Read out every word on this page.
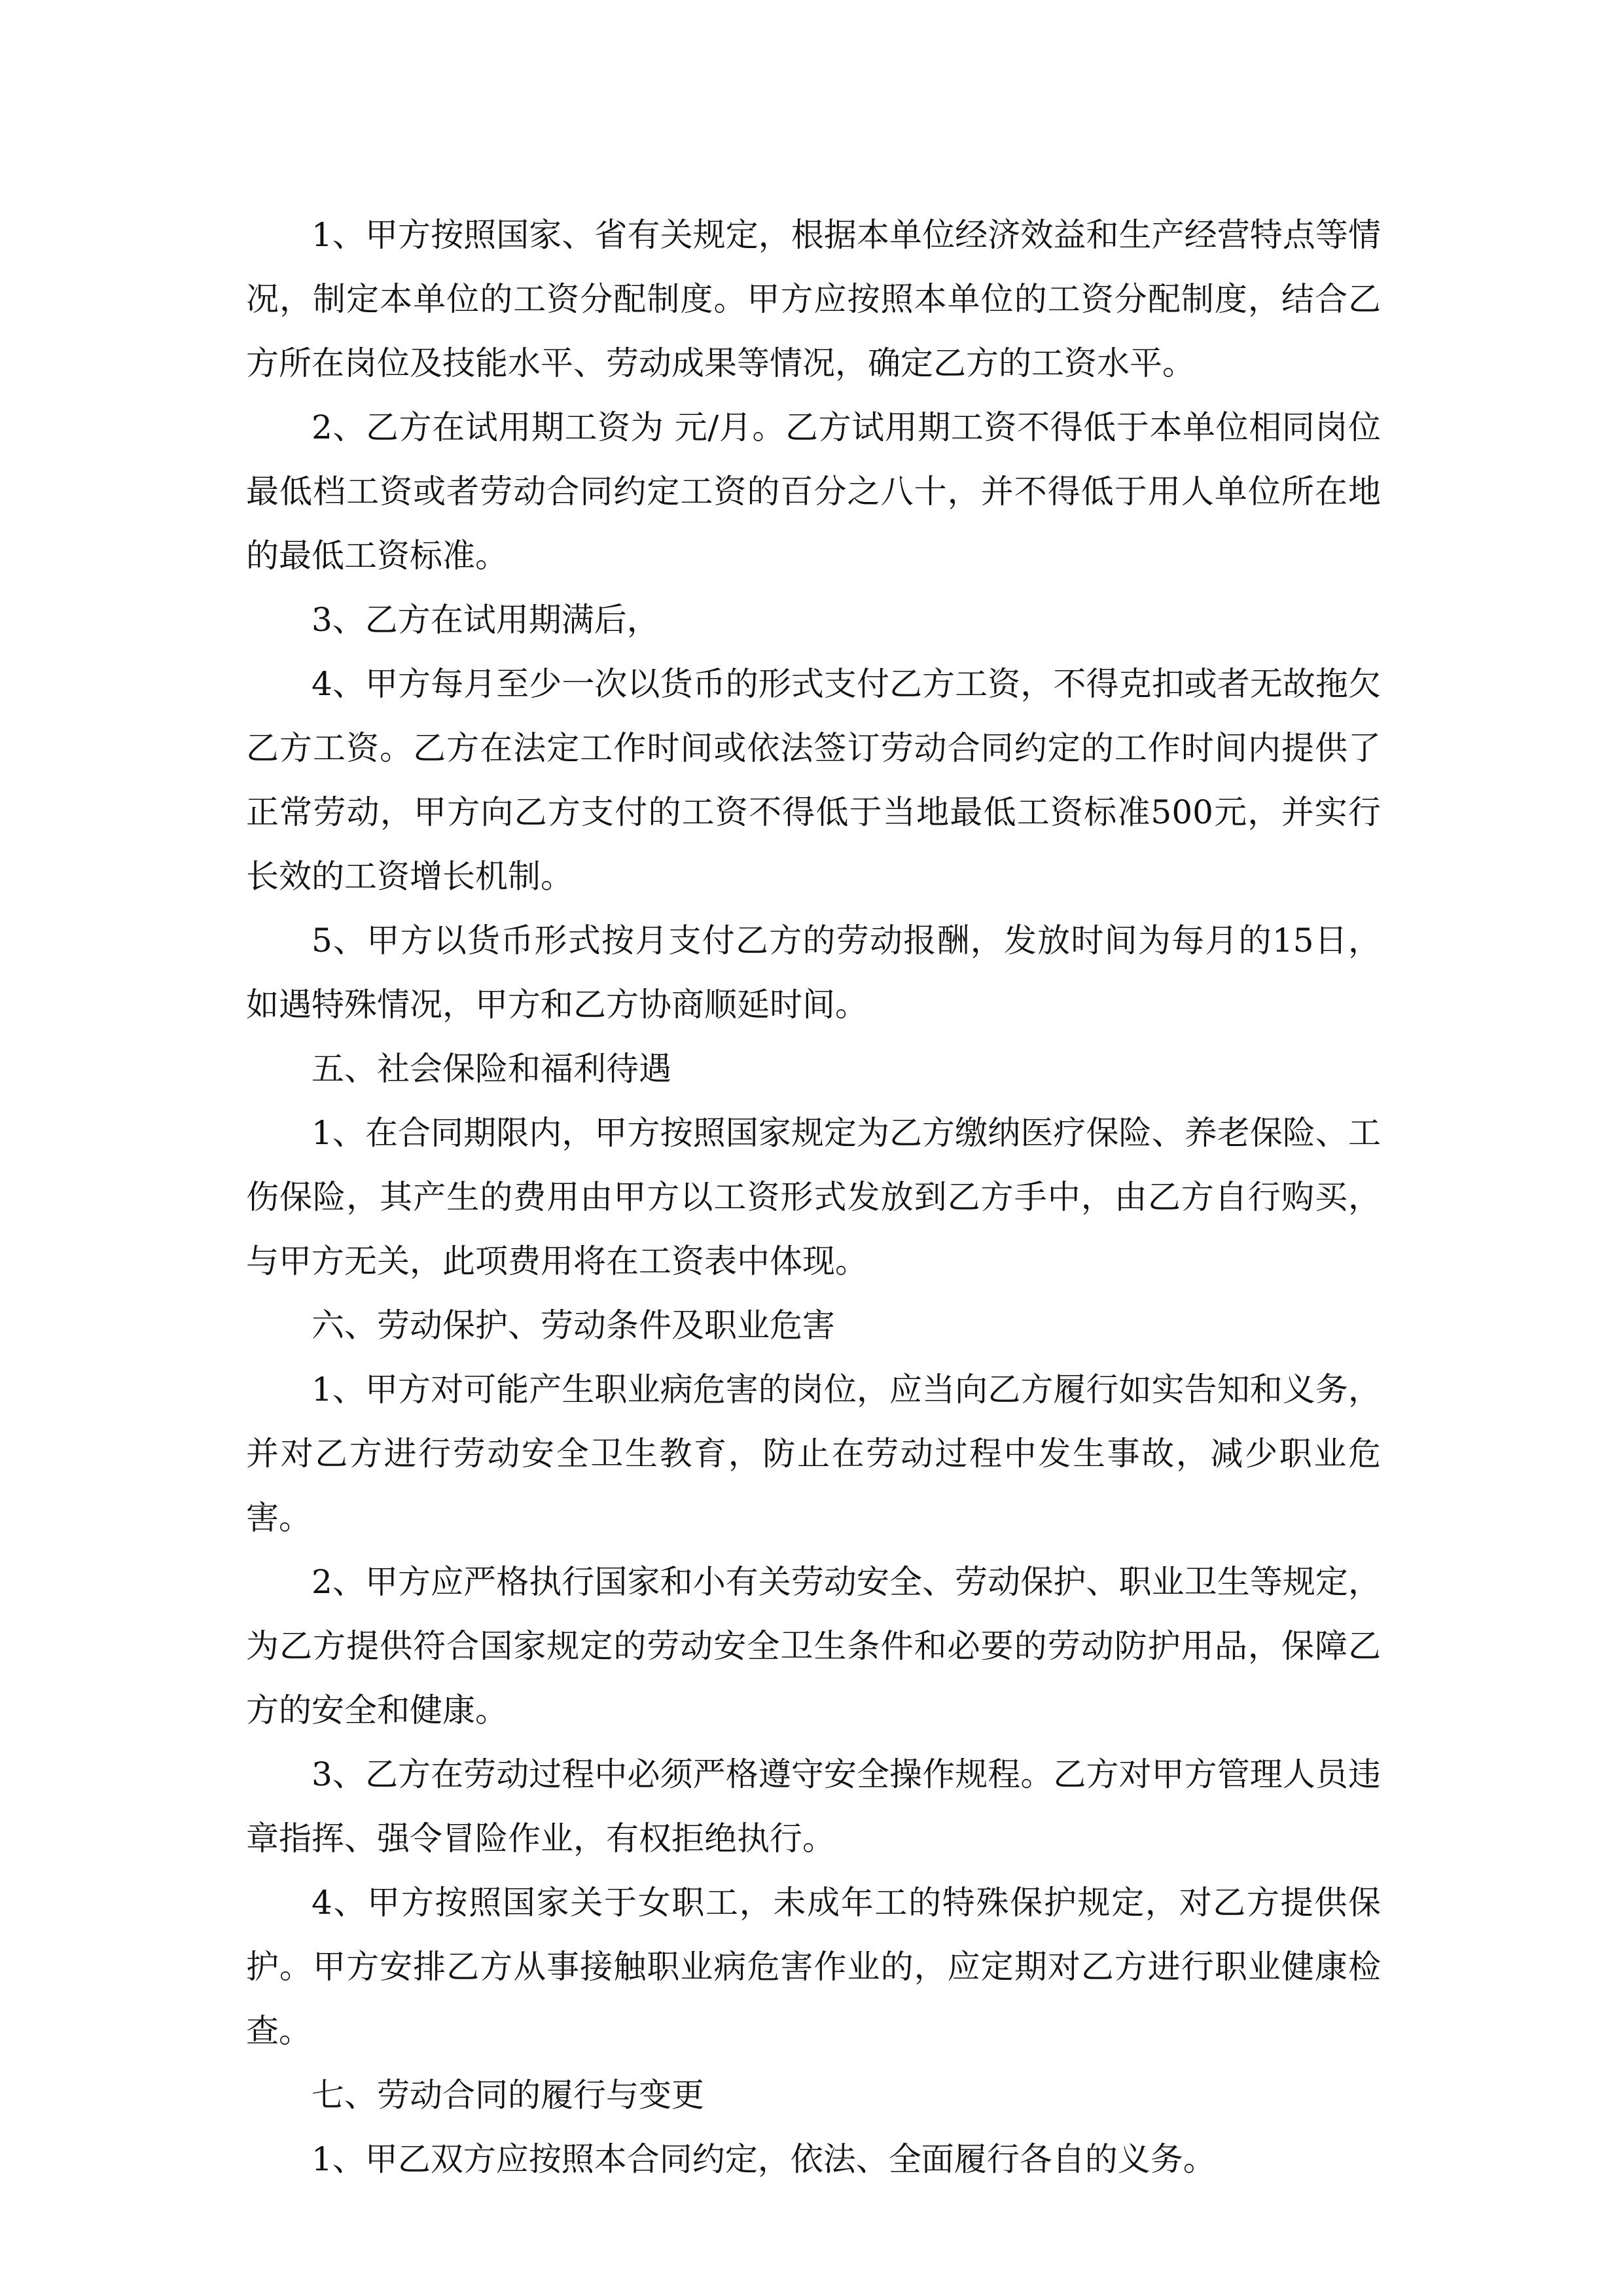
1、甲方按照国家、省有关规定，根据本单位经济效益和生产经营特点等情况，制定本单位的工资分配制度。甲方应按照本单位的工资分配制度，结合乙方所在岗位及技能水平、劳动成果等情况，确定乙方的工资水平。

2、乙方在试用期工资为 元/月。乙方试用期工资不得低于本单位相同岗位最低档工资或者劳动合同约定工资的百分之八十，并不得低于用人单位所在地的最低工资标准。

3、乙方在试用期满后，

4、甲方每月至少一次以货币的形式支付乙方工资，不得克扣或者无故拖欠乙方工资。乙方在法定工作时间或依法签订劳动合同约定的工作时间内提供了正常劳动，甲方向乙方支付的工资不得低于当地最低工资标准500元，并实行长效的工资增长机制。

5、甲方以货币形式按月支付乙方的劳动报酬，发放时间为每月的15日，如遇特殊情况，甲方和乙方协商顺延时间。

五、社会保险和福利待遇

1、在合同期限内，甲方按照国家规定为乙方缴纳医疗保险、养老保险、工伤保险，其产生的费用由甲方以工资形式发放到乙方手中，由乙方自行购买，与甲方无关，此项费用将在工资表中体现。

六、劳动保护、劳动条件及职业危害

1、甲方对可能产生职业病危害的岗位，应当向乙方履行如实告知和义务，并对乙方进行劳动安全卫生教育，防止在劳动过程中发生事故，减少职业危害。

2、甲方应严格执行国家和小有关劳动安全、劳动保护、职业卫生等规定，为乙方提供符合国家规定的劳动安全卫生条件和必要的劳动防护用品，保障乙方的安全和健康。

3、乙方在劳动过程中必须严格遵守安全操作规程。乙方对甲方管理人员违章指挥、强令冒险作业，有权拒绝执行。

4、甲方按照国家关于女职工，未成年工的特殊保护规定，对乙方提供保护。甲方安排乙方从事接触职业病危害作业的，应定期对乙方进行职业健康检查。

七、劳动合同的履行与变更

1、甲乙双方应按照本合同约定，依法、全面履行各自的义务。
